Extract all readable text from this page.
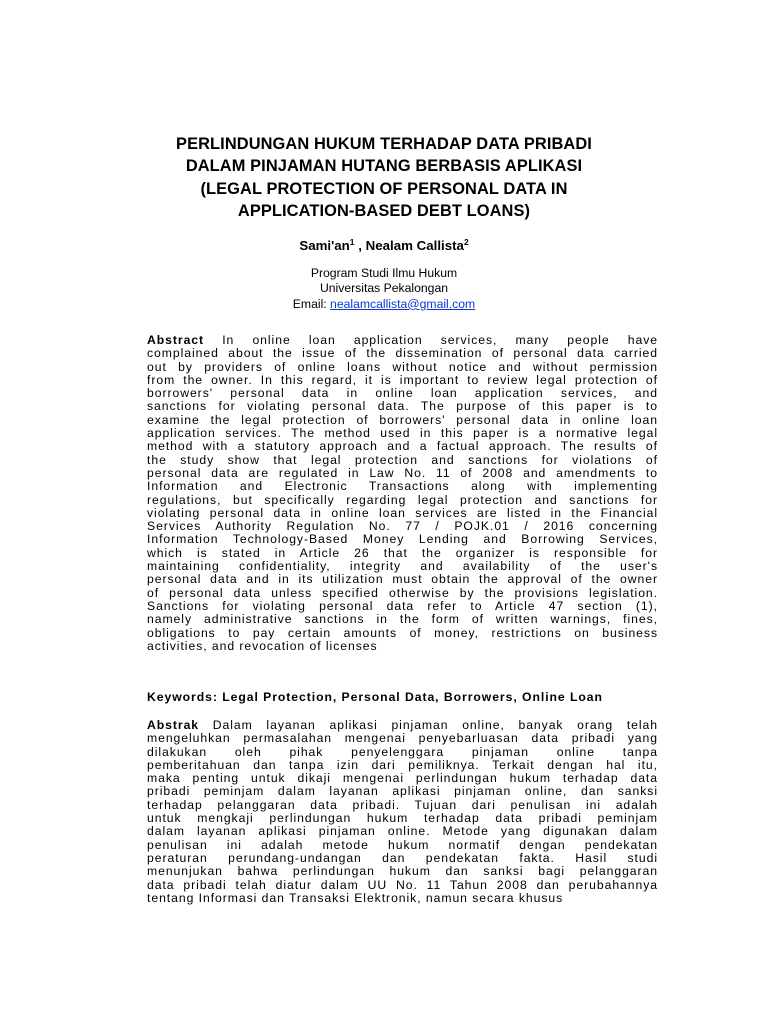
PERLINDUNGAN HUKUM TERHADAP DATA PRIBADI
DALAM PINJAMAN HUTANG BERBASIS APLIKASI
(LEGAL PROTECTION OF PERSONAL DATA IN
APPLICATION-BASED DEBT LOANS)
$Sami'an^1$ , Nealam Callista$^2$
Program Studi Ilmu Hukum
Universitas Pekalongan
Email: nealamcallista@gmail.com
Abstract In online loan application services, many people have
complained about the issue of the dissemination of personal data carried
out by providers of online loans without notice and without permission
from the owner. In this regard, it is important to review legal protection of
borrowers' personal data in online loan application services, and
sanctions for violating personal data. The purpose of this paper is to
examine the legal protection of borrowers' personal data in online loan
application services. The method used in this paper is a normative legal
method with a statutory approach and a factual approach. The results of
the study show that legal protection and sanctions for violations of
personal data are regulated in Law No. 11 of 2008 and amendments to
Information and Electronic Transactions along with implementing
regulations, but specifically regarding legal protection and sanctions for
violating personal data in online loan services are listed in the Financial
Services Authority Regulation No. 77 / POJK.01 / 2016 concerning
Information Technology-Based Money Lending and Borrowing Services,
which is stated in Article 26 that the organizer is responsible for
maintaining confidentiality, integrity and availability of the user's
personal data and in its utilization must obtain the approval of the owner
of personal data unless specified otherwise by the provisions legislation.
Sanctions for violating personal data refer to Article 47 section (1),
namely administrative sanctions in the form of written warnings, fines,
obligations to pay certain amounts of money, restrictions on business
activities, and revocation of licenses
Keywords: Legal Protection, Personal Data, Borrowers, Online Loan
Abstrak Dalam layanan aplikasi pinjaman online, banyak orang telah
mengeluhkan permasalahan mengenai penyebarluasan data pribadi yang
dilakukan oleh pihak penyelenggara pinjaman online tanpa
pemberitahuan dan tanpa izin dari pemiliknya. Terkait dengan hal itu,
maka penting untuk dikaji mengenai perlindungan hukum terhadap data
pribadi peminjam dalam layanan aplikasi pinjaman online, dan sanksi
terhadap pelanggaran data pribadi. Tujuan dari penulisan ini adalah
untuk mengkaji perlindungan hukum terhadap data pribadi peminjam
dalam layanan aplikasi pinjaman online. Metode yang digunakan dalam
penulisan ini adalah metode hukum normatif dengan pendekatan
peraturan perundang-undangan dan pendekatan fakta. Hasil studi
menunjukan bahwa perlindungan hukum dan sanksi bagi pelanggaran
data pribadi telah diatur dalam UU No. 11 Tahun 2008 dan perubahannya
tentang Informasi dan Transaksi Elektronik, namun secara khusus
